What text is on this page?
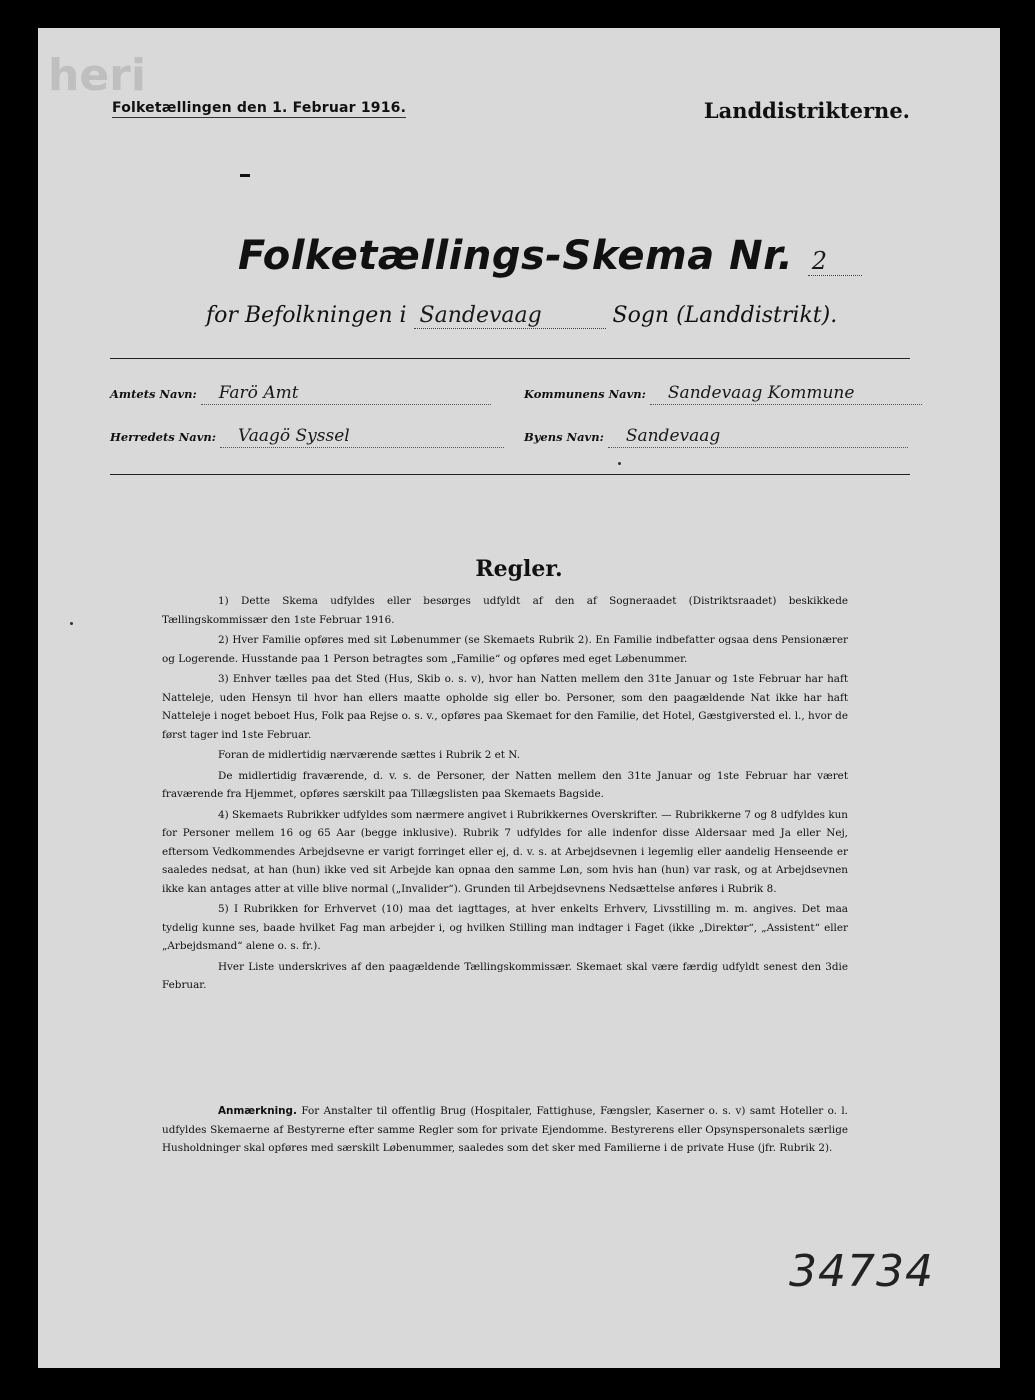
heri
Folketællingen den 1. Februar 1916.	Landdistrikterne.
Folketællings-Skema Nr. 2
for Befolkningen i Sandevaag	Sogn (Landdistrikt).
Amtets Navn: Farö Amt	Kommunens Navn: Sandevaag Kommune
Herredets Navn: Vaagö Syssel	Byens Navn: Sandevaag
Regler.

1) Dette Skema udfyldes eller besørges udfyldt af den af Sogneraadet (Distriktsraadet) beskikkede Tællingskommissær den 1ste Februar 1916.

2) Hver Familie opføres med sit Løbenummer (se Skemaets Rubrik 2). En Familie indbefatter ogsaa dens Pensionærer og Logerende. Husstande paa 1 Person betragtes som „Familie“ og opføres med eget Løbenummer.

3) Enhver tælles paa det Sted (Hus, Skib o. s. v), hvor han Natten mellem den 31te Januar og 1ste Februar har haft Natteleje, uden Hensyn til hvor han ellers maatte opholde sig eller bo. Personer, som den paagældende Nat ikke har haft Natteleje i noget beboet Hus, Folk paa Rejse o. s. v., opføres paa Skemaet for den Familie, det Hotel, Gæstgiversted el. l., hvor de først tager ind 1ste Februar.

Foran de midlertidig nærværende sættes i Rubrik 2 et N.

De midlertidig fraværende, d. v. s. de Personer, der Natten mellem den 31te Januar og 1ste Februar har været fraværende fra Hjemmet, opføres særskilt paa Tillægslisten paa Skemaets Bagside.

4) Skemaets Rubrikker udfyldes som nærmere angivet i Rubrikkernes Overskrifter. — Rubrikkerne 7 og 8 udfyldes kun for Personer mellem 16 og 65 Aar (begge inklusive). Rubrik 7 udfyldes for alle indenfor disse Aldersaar med Ja eller Nej, eftersom Vedkommendes Arbejdsevne er varigt forringet eller ej, d. v. s. at Arbejdsevnen i legemlig eller aandelig Henseende er saaledes nedsat, at han (hun) ikke ved sit Arbejde kan opnaa den samme Løn, som hvis han (hun) var rask, og at Arbejdsevnen ikke kan antages atter at ville blive normal („Invalider“). Grunden til Arbejdsevnens Nedsættelse anføres i Rubrik 8.

5) I Rubrikken for Erhvervet (10) maa det iagttages, at hver enkelts Erhverv, Livsstilling m. m. angives. Det maa tydelig kunne ses, baade hvilket Fag man arbejder i, og hvilken Stilling man indtager i Faget (ikke „Direktør“, „Assistent“ eller „Arbejdsmand“ alene o. s. fr.).

Hver Liste underskrives af den paagældende Tællingskommissær. Skemaet skal være færdig udfyldt senest den 3die Februar.

Anmærkning. For Anstalter til offentlig Brug (Hospitaler, Fattighuse, Fængsler, Kaserner o. s. v) samt Hoteller o. l. udfyldes Skemaerne af Bestyrerne efter samme Regler som for private Ejendomme. Bestyrerens eller Opsynspersonalets særlige Husholdninger skal opføres med særskilt Løbenummer, saaledes som det sker med Familierne i de private Huse (jfr. Rubrik 2).

34734
